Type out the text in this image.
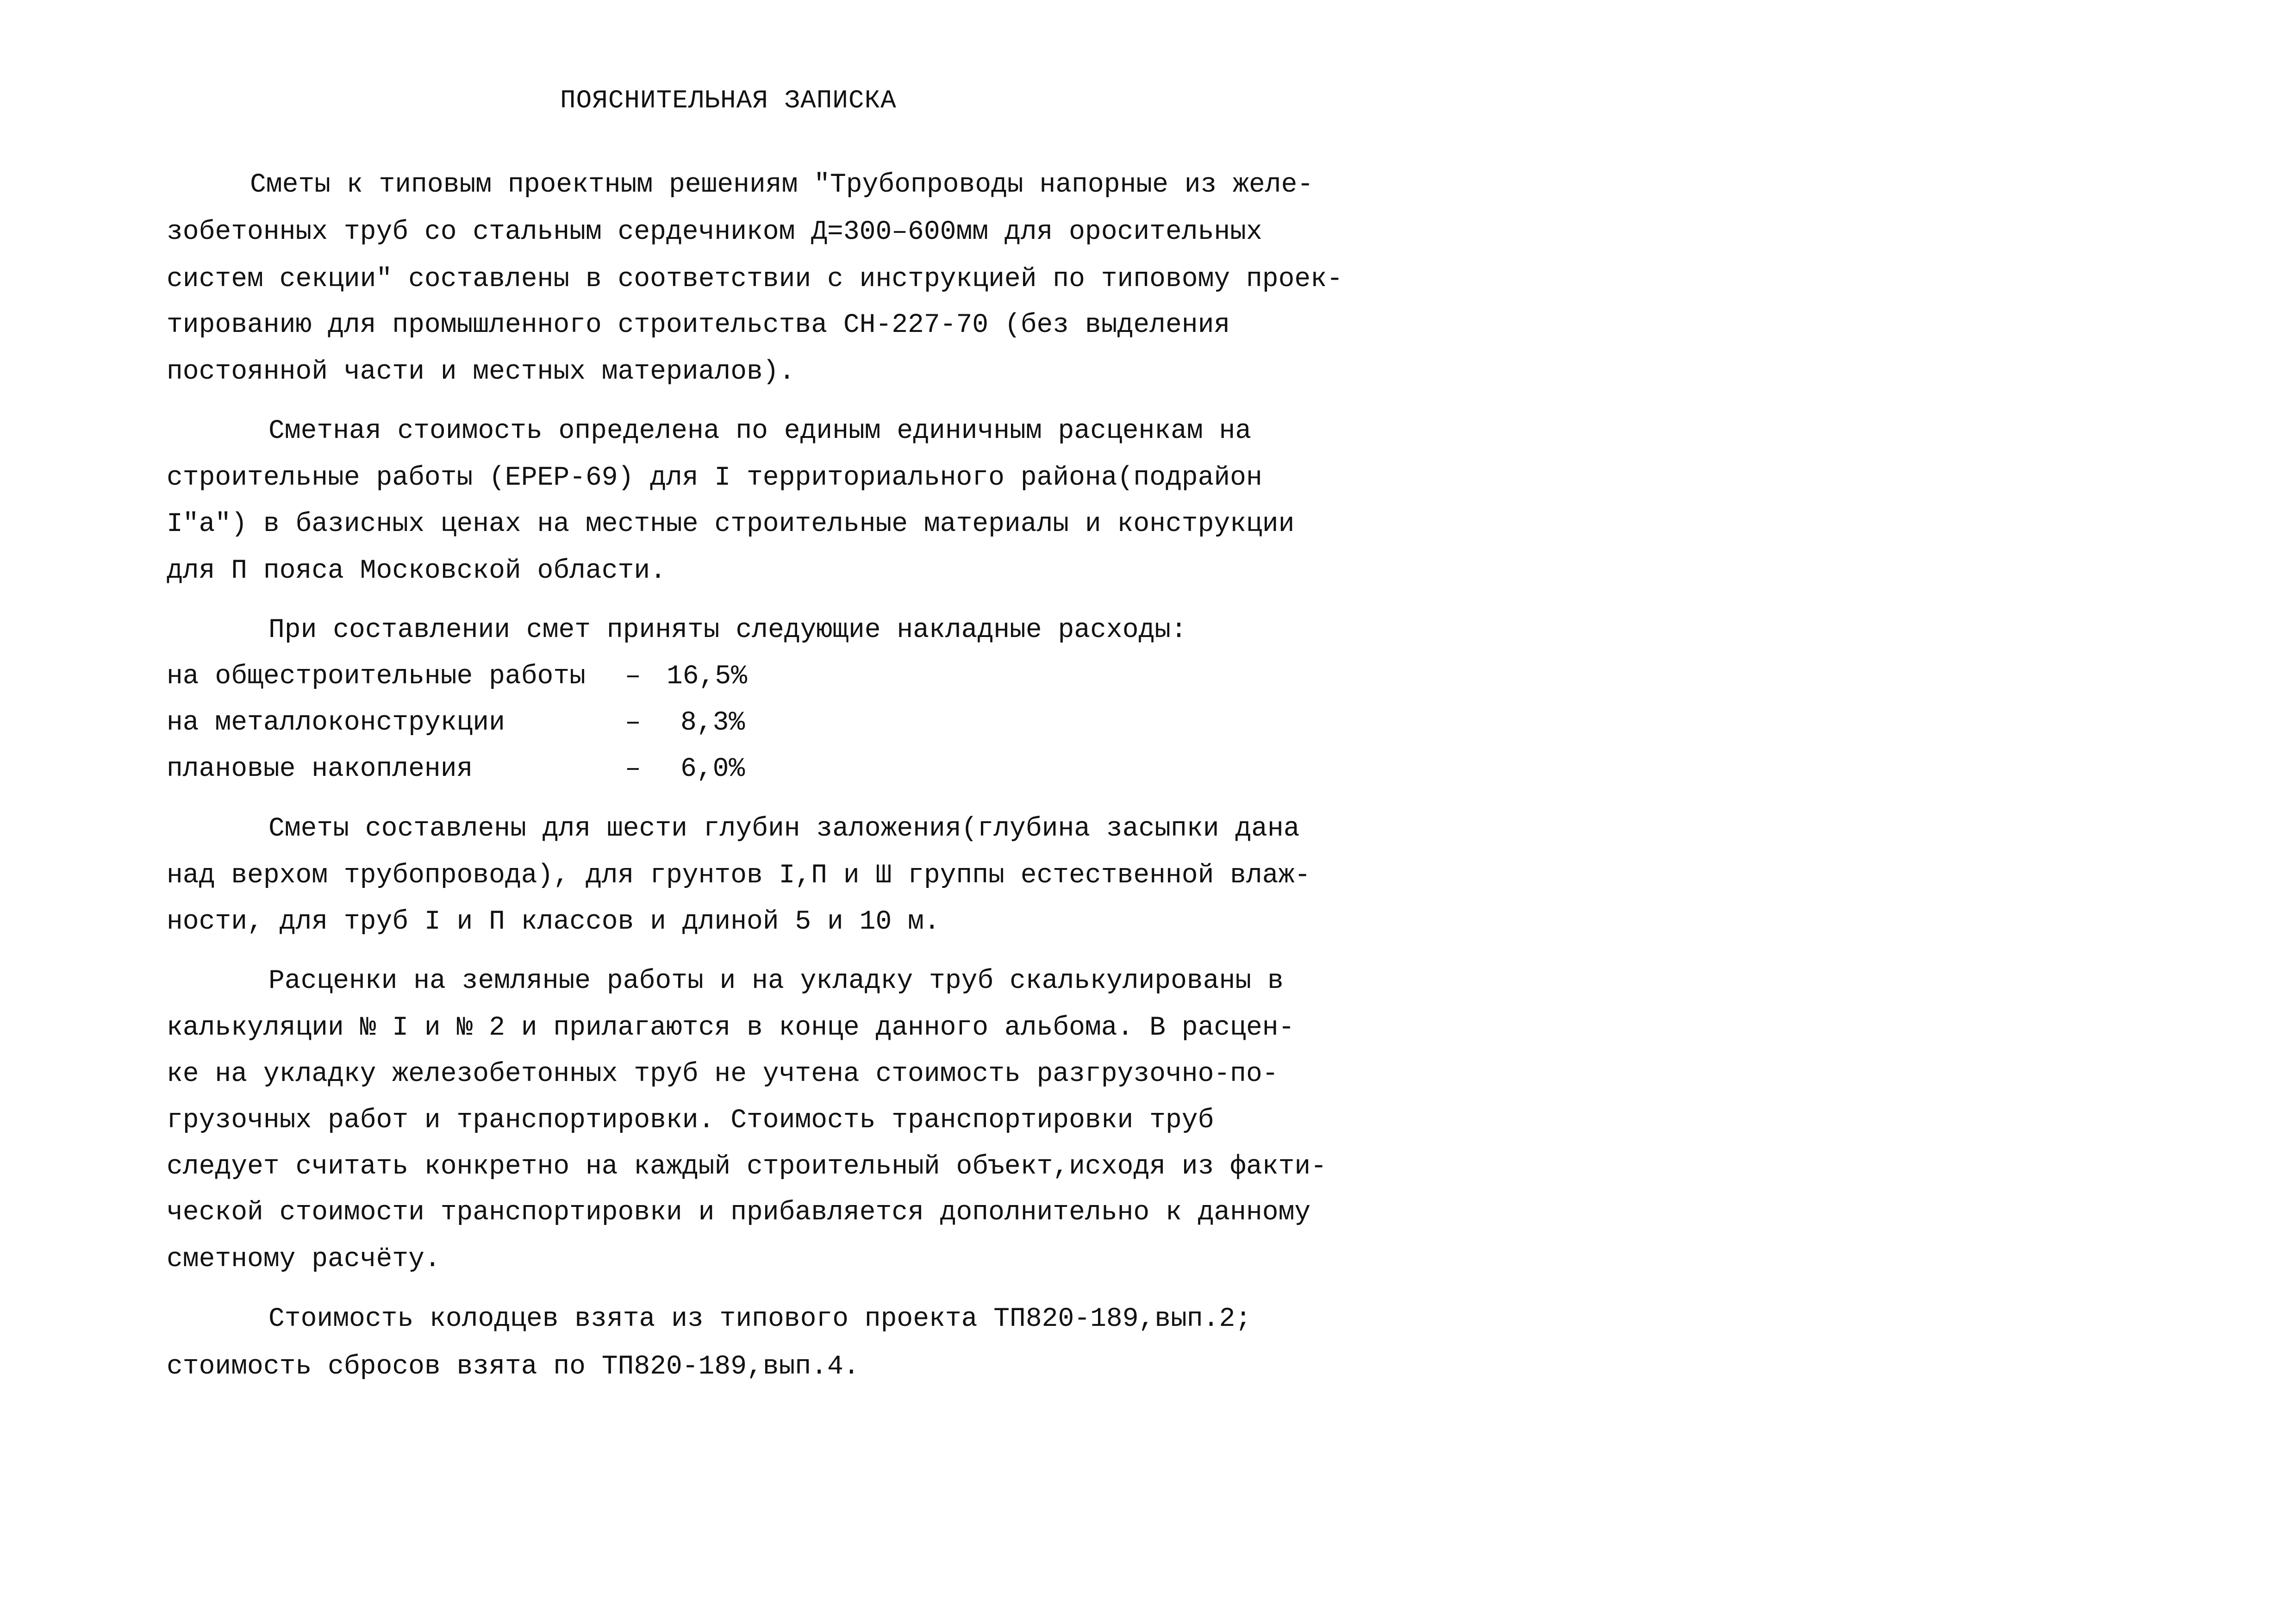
ПОЯСНИТЕЛЬНАЯ ЗАПИСКА
Сметы к типовым проектным решениям "Трубопроводы напорные из желе-
зобетонных труб со стальным сердечником Д=300–600мм для оросительных
систем секции" составлены в соответствии с инструкцией по типовому проек-
тированию для промышленного строительства СН-227-70 (без выделения
постоянной части и местных материалов).
Сметная стоимость определена по единым единичным расценкам на
строительные работы (ЕРЕР-69) для I территориального района(подрайон
I"а") в базисных ценах на местные строительные материалы и конструкции
для П пояса Московской области.
При составлении смет приняты следующие накладные расходы:
на общестроительные работы – 16,5%
на металлоконструкции	– 8,3%
плановые накопления	– 6,0%
Сметы составлены для шести глубин заложения(глубина засыпки дана
над верхом трубопровода), для грунтов I,П и Ш группы естественной влаж-
ности, для труб I и П классов и длиной 5 и 10 м.
Расценки на земляные работы и на укладку труб скалькулированы в
калькуляции № I и № 2 и прилагаются в конце данного альбома. В расцен-
ке на укладку железобетонных труб не учтена стоимость разгрузочно-по-
грузочных работ и транспортировки. Стоимость транспортировки труб
следует считать конкретно на каждый строительный объект,исходя из факти-
ческой стоимости транспортировки и прибавляется дополнительно к данному
сметному расчёту.
Стоимость колодцев взята из типового проекта ТП820-189,вып.2;
стоимость сбросов взята по ТП820-189,вып.4.
